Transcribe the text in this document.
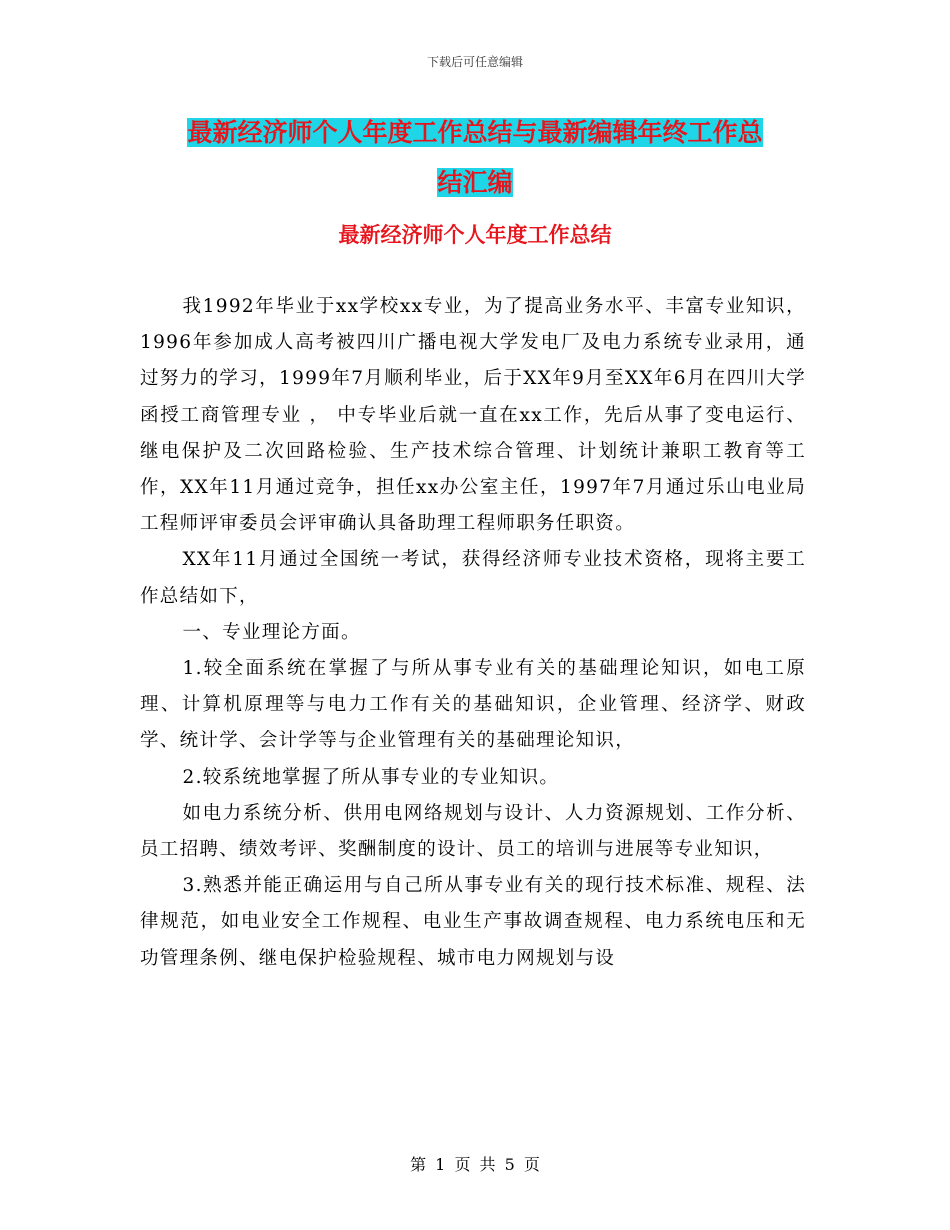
下载后可任意编辑
最新经济师个人年度工作总结与最新编辑年终工作总
结汇编
最新经济师个人年度工作总结

我1992年毕业于xx学校xx专业，为了提高业务水平、丰富专业知识，1996年参加成人高考被四川广播电视大学发电厂及电力系统专业录用，通过努力的学习，1999年7月顺利毕业，后于XX年9月至XX年6月在四川大学函授工商管理专业 ， 中专毕业后就一直在xx工作，先后从事了变电运行、继电保护及二次回路检验、生产技术综合管理、计划统计兼职工教育等工作，XX年11月通过竞争，担任xx办公室主任，1997年7月通过乐山电业局工程师评审委员会评审确认具备助理工程师职务任职资。

XX年11月通过全国统一考试，获得经济师专业技术资格，现将主要工作总结如下，

一、专业理论方面。

1.较全面系统在掌握了与所从事专业有关的基础理论知识，如电工原理、计算机原理等与电力工作有关的基础知识，企业管理、经济学、财政学、统计学、会计学等与企业管理有关的基础理论知识，

2.较系统地掌握了所从事专业的专业知识。

如电力系统分析、供用电网络规划与设计、人力资源规划、工作分析、员工招聘、绩效考评、奖酬制度的设计、员工的培训与进展等专业知识，

3.熟悉并能正确运用与自己所从事专业有关的现行技术标准、规程、法律规范，如电业安全工作规程、电业生产事故调查规程、电力系统电压和无功管理条例、继电保护检验规程、城市电力网规划与设

第 1 页 共 5 页
